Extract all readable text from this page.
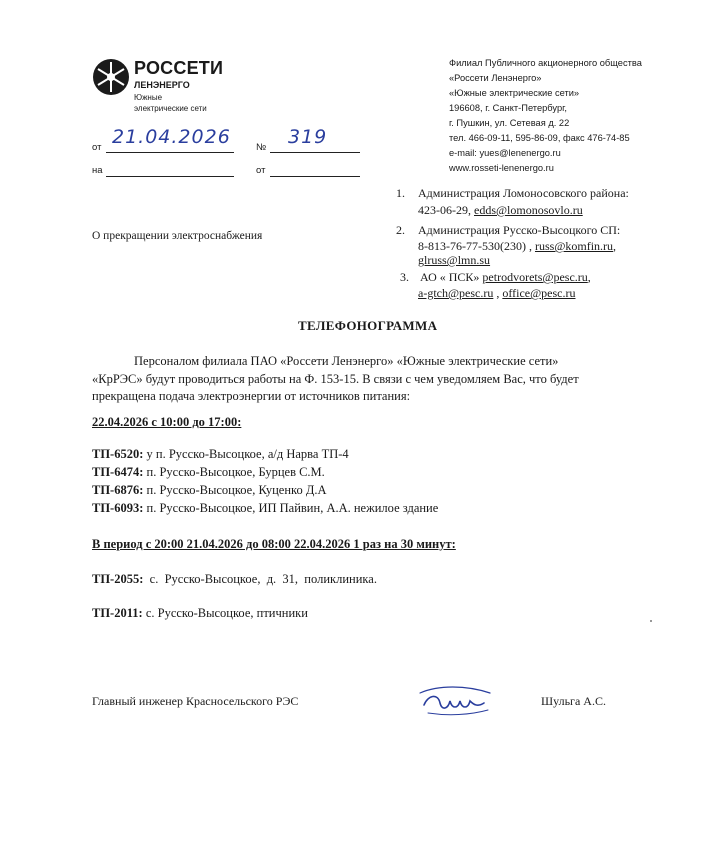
РОССЕТИ
ЛЕНЭНЕРГО
Южные
электрические сети
Филиал Публичного акционерного общества
«Россети Ленэнерго»
«Южные электрические сети»
196608, г. Санкт-Петербург,
г. Пушкин, ул. Сетевая д. 22
тел. 466-09-11, 595-86-09, факс 476-74-85
e-mail: yues@lenenergo.ru
www.rosseti-lenenergo.ru
от 21.04.2026	№ 319
на	от
О прекращении электроснабжения
1. Администрация Ломоносовского района:
423-06-29, edds@lomonosovlo.ru
2. Администрация Русско-Высоцкого СП:
8-813-76-77-530(230) , russ@komfin.ru,
glruss@lmn.su
3. АО « ПСК» petrodvorets@pesc.ru,
a-gtch@pesc.ru , office@pesc.ru
ТЕЛЕФОНОГРАММА
Персоналом филиала ПАО «Россети Ленэнерго» «Южные электрические сети»
«КрРЭС» будут проводиться работы на Ф. 153-15. В связи с чем уведомляем Вас, что будет
прекращена подача электроэнергии от источников питания:
22.04.2026 с 10:00 до 17:00:
ТП-6520: у п. Русско-Высоцкое, а/д Нарва ТП-4
ТП-6474: п. Русско-Высоцкое, Бурцев С.М.
ТП-6876: п. Русско-Высоцкое, Куценко Д.А
ТП-6093: п. Русско-Высоцкое, ИП Пайвин, А.А. нежилое здание
В период с 20:00 21.04.2026 до 08:00 22.04.2026 1 раз на 30 минут:
ТП-2055:  с.  Русско-Высоцкое,  д.  31,  поликлиника.
ТП-2011: с. Русско-Высоцкое, птичники
Главный инженер Красносельского РЭС	Шульга А.С.
